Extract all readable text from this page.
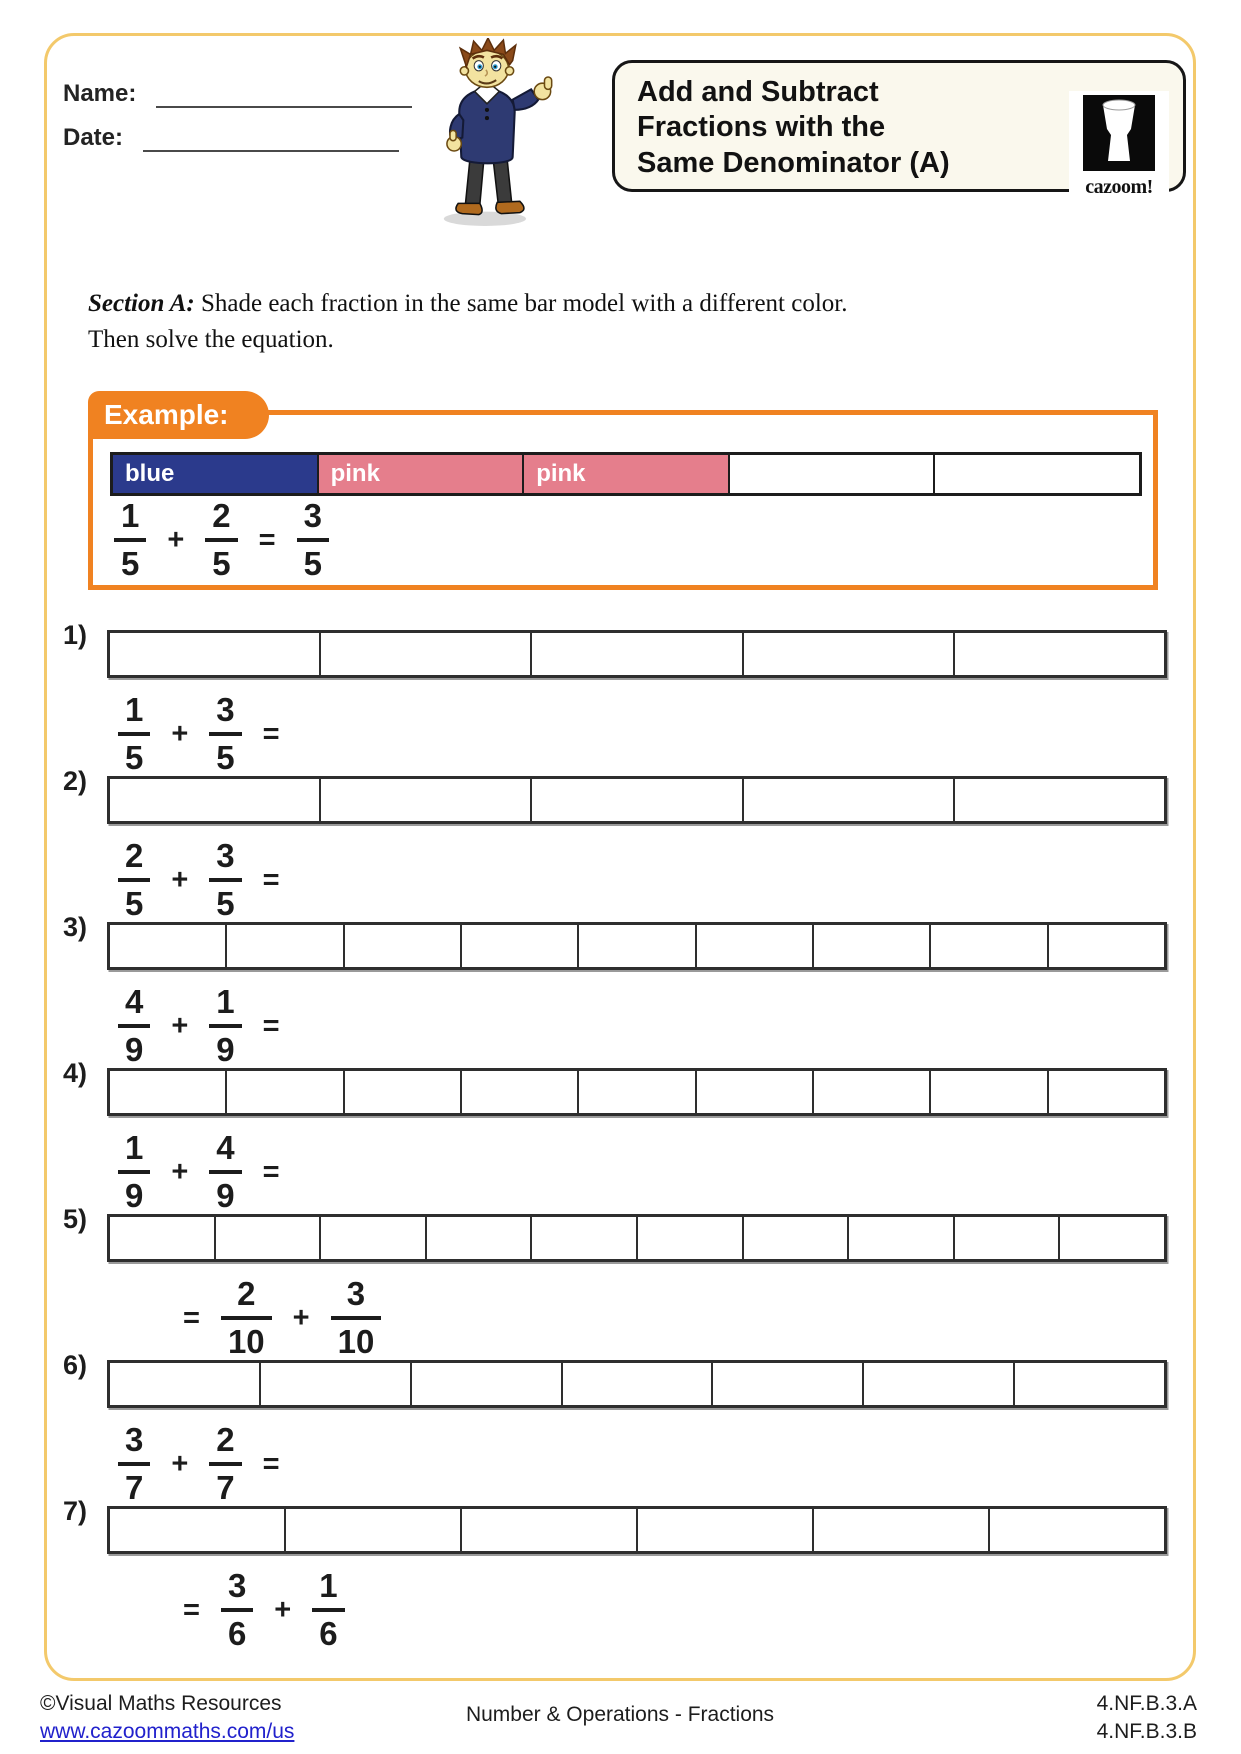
Name:
Date:
Add and Subtract
Fractions with the
Same Denominator (A)
cazoom!
Section A: Shade each fraction in the same bar model with a different color.
Then solve the equation.
Example:
blue	pink	pink
$\frac{1}{5} + \frac{2}{5} = \frac{3}{5}$
1)
$\frac{1}{5} + \frac{3}{5}$ =
2)
$\frac{2}{5} + \frac{3}{5}$ =
3)
$\frac{4}{9} + \frac{1}{9}$ =
4)
$\frac{1}{9} + \frac{4}{9}$ =
5)
= $\frac{2}{10} + \frac{3}{10}$
6)
$\frac{3}{7} + \frac{2}{7}$ =
7)
= $\frac{3}{6} + \frac{1}{6}$
©Visual Maths Resources
www.cazoommaths.com/us
Number & Operations - Fractions	4.NF.B.3.A
4.NF.B.3.B
